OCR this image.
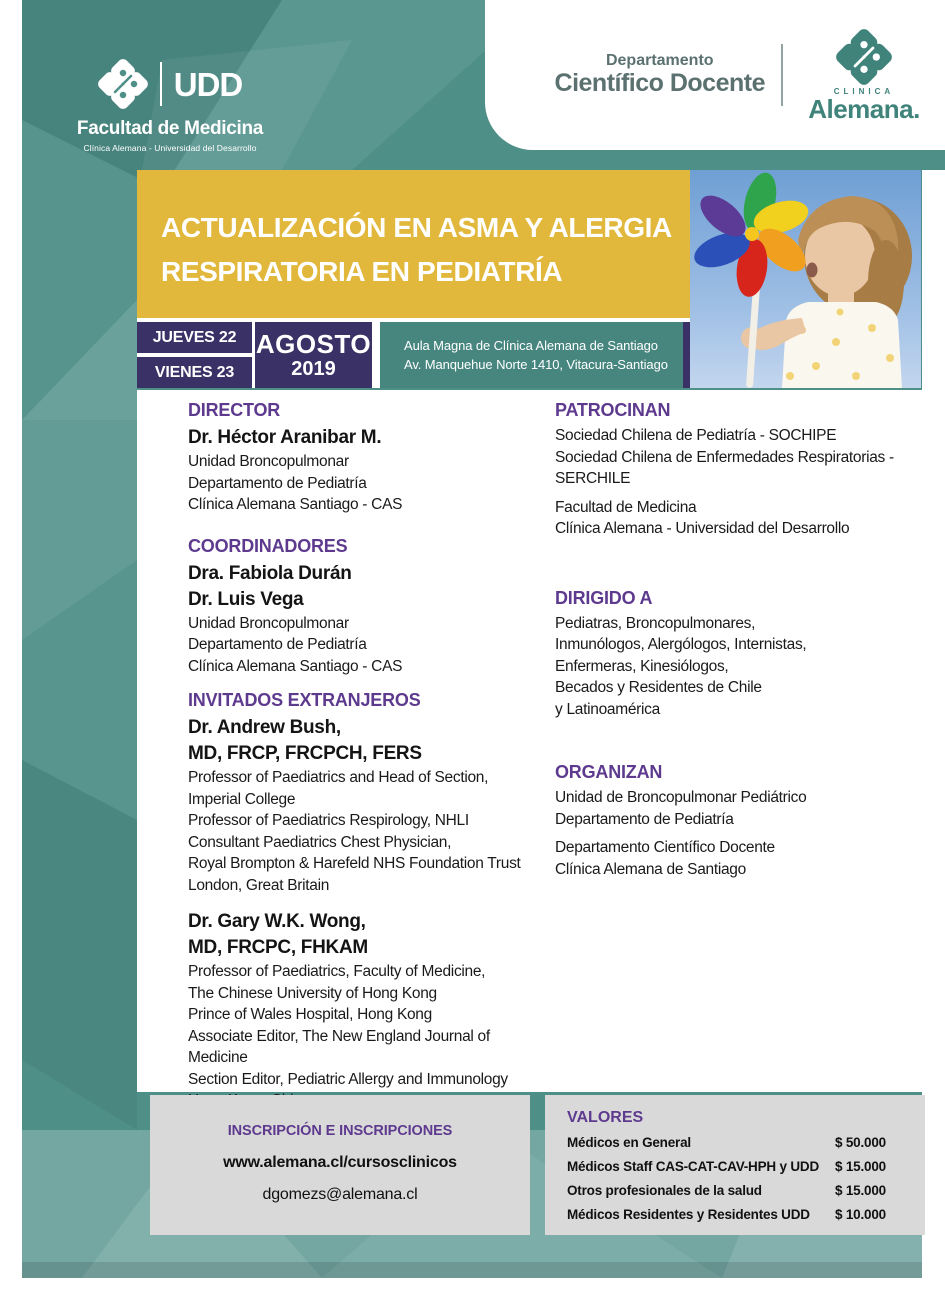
UDD
Facultad de Medicina
Clínica Alemana - Universidad del Desarrollo
Departamento
Científico Docente	CLINICA
Alemana.
ACTUALIZACIÓN EN ASMA Y ALERGIA
RESPIRATORIA EN PEDIATRÍA
JUEVES 22
VIENES 23
AGOSTO
2019
Aula Magna de Clínica Alemana de Santiago
Av. Manquehue Norte 1410, Vitacura-Santiago
DIRECTOR
Dr. Héctor Aranibar M.
Unidad Broncopulmonar
Departamento de Pediatría
Clínica Alemana Santiago - CAS
COORDINADORES
Dra. Fabiola Durán
Dr. Luis Vega
Unidad Broncopulmonar
Departamento de Pediatría
Clínica Alemana Santiago - CAS
INVITADOS EXTRANJEROS
Dr. Andrew Bush,
MD, FRCP, FRCPCH, FERS
Professor of Paediatrics and Head of Section,
Imperial College
Professor of Paediatrics Respirology, NHLI
Consultant Paediatrics Chest Physician,
Royal Brompton & Harefeld NHS Foundation Trust
London, Great Britain
Dr. Gary W.K. Wong,
MD, FRCPC, FHKAM
Professor of Paediatrics, Faculty of Medicine,
The Chinese University of Hong Kong
Prince of Wales Hospital, Hong Kong
Associate Editor, The New England Journal of Medicine
Section Editor, Pediatric Allergy and Immunology
PATROCINAN
Sociedad Chilena de Pediatría - SOCHIPE
Sociedad Chilena de Enfermedades Respiratorias -
SERCHILE
Facultad de Medicina
Clínica Alemana - Universidad del Desarrollo
DIRIGIDO A
Pediatras, Broncopulmonares,
Inmunólogos, Alergólogos, Internistas,
Enfermeras, Kinesiólogos,
Becados y Residentes de Chile
y Latinoamérica
ORGANIZAN
Unidad de Broncopulmonar Pediátrico
Departamento de Pediatría
Departamento Científico Docente
Clínica Alemana de Santiago
INSCRIPCIÓN E INSCRIPCIONES
www.alemana.cl/cursosclinicos
dgomezs@alemana.cl
VALORES
Médicos en General	$ 50.000
Médicos Staff CAS-CAT-CAV-HPH y UDD	$ 15.000
Otros profesionales de la salud	$ 15.000
Médicos Residentes y Residentes UDD	$ 10.000
